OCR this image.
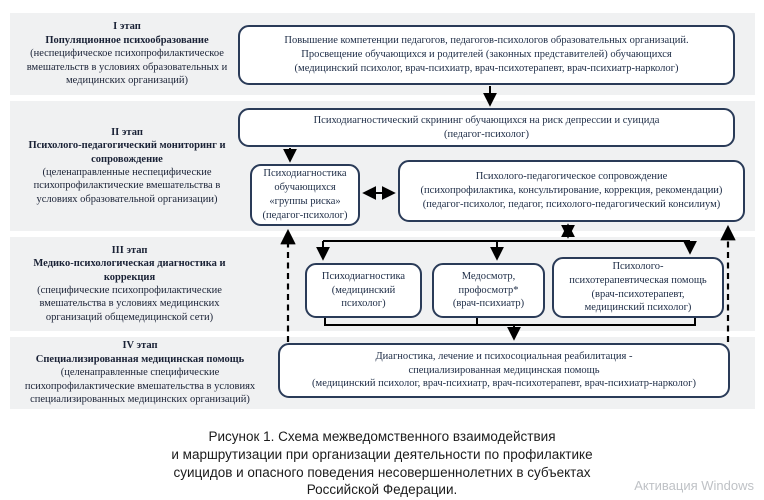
I этап
Популяционное психообразование
(неспецифическое психопрофилактическое вмешательств в условиях образовательных и медицинских организаций)
II этап
Психолого-педагогический мониторинг и сопровождение
(целенаправленные неспецифические психопрофилактические вмешательства в условиях образовательной организации)
III этап
Медико-психологическая диагностика и коррекция
(специфические психопрофилактические вмешательства в условиях медицинских организаций общемедицинской сети)
IV этап
Специализированная медицинская помощь
(целенаправленные специфические психопрофилактические вмешательства в условиях специализированных медицинских организаций)
Повышение компетенции педагогов, педагогов-психологов образовательных организаций.
Просвещение обучающихся и родителей (законных представителей) обучающихся
(медицинский психолог, врач-психиатр, врач-психотерапевт, врач-психиатр-нарколог)
Психодиагностический скрининг обучающихся на риск депрессии и суицида
(педагог-психолог)
Психодиагностика
обучающихся
«группы риска»
(педагог-психолог)
Психолого-педагогическое сопровождение
(психопрофилактика, консультирование, коррекция, рекомендации)
(педагог-психолог, педагог, психолого-педагогический консилиум)
Психодиагностика
(медицинский
психолог)
Медосмотр,
профосмотр*
(врач-психиатр)
Психолого-
психотерапевтическая помощь
(врач-психотерапевт,
медицинский психолог)
Диагностика, лечение и психосоциальная реабилитация -
специализированная медицинская помощь
(медицинский психолог, врач-психиатр, врач-психотерапевт, врач-психиатр-нарколог)
Рисунок 1. Схема межведомственного взаимодействия
и маршрутизации при организации деятельности по профилактике
суицидов и опасного поведения несовершеннолетних в субъектах
Российской Федерации.	Активация Windows
